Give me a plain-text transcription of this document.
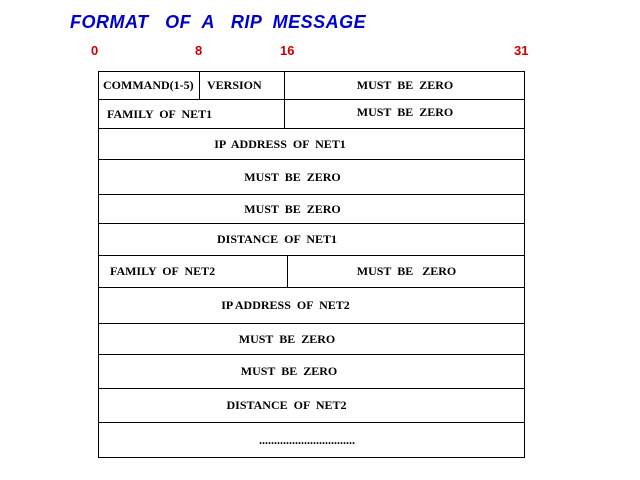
FORMAT   OF  A   RIP  MESSAGE
0	8	16	31
COMMAND(1-5) VERSION	MUST  BE  ZERO
FAMILY  OF  NET1	MUST  BE  ZERO
IP  ADDRESS  OF  NET1
MUST  BE  ZERO
MUST  BE  ZERO
DISTANCE  OF  NET1
FAMILY  OF  NET2	MUST  BE   ZERO
IP ADDRESS  OF  NET2
MUST  BE  ZERO
MUST  BE  ZERO
DISTANCE  OF  NET2
................................
